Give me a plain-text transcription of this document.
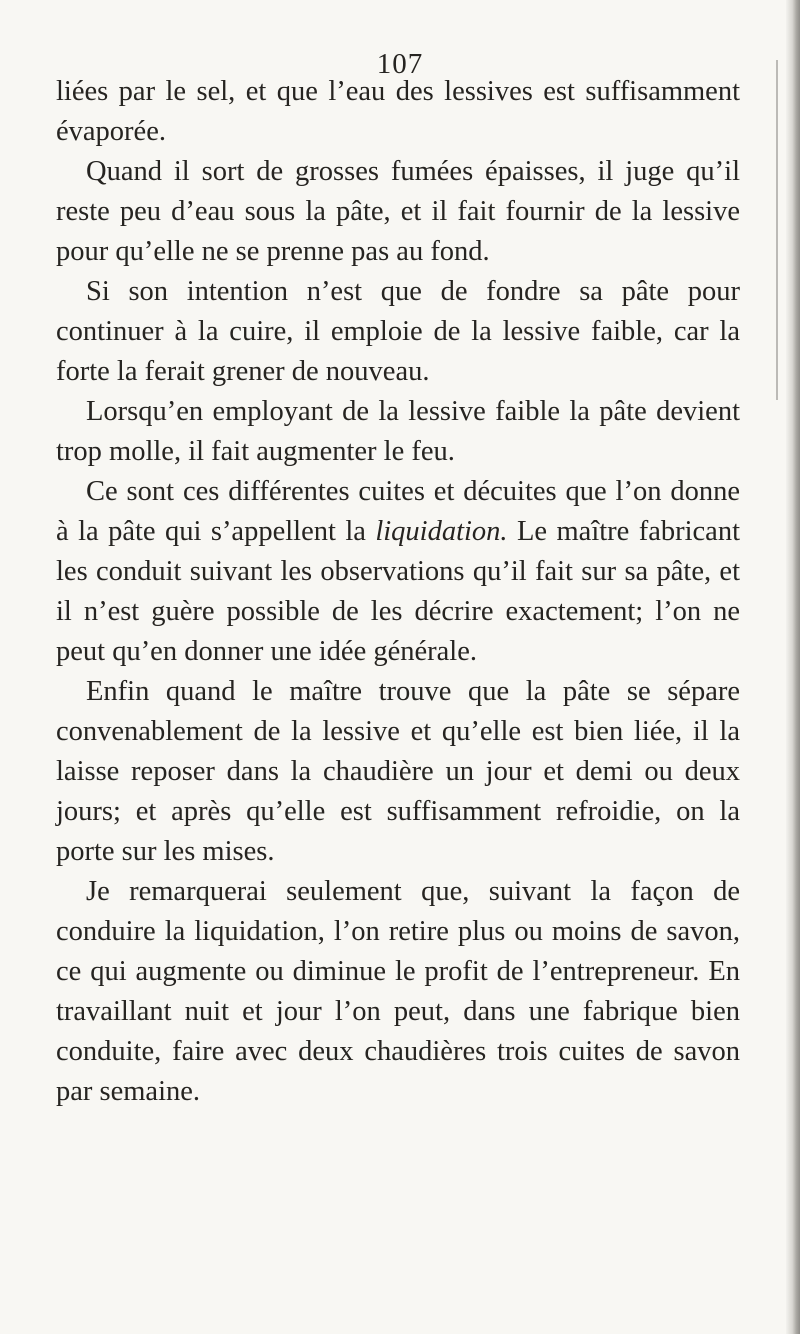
107

liées par le sel, et que l’eau des lessives est suffisamment évaporée.

Quand il sort de grosses fumées épaisses, il juge qu’il reste peu d’eau sous la pâte, et il fait fournir de la lessive pour qu’elle ne se prenne pas au fond.

Si son intention n’est que de fondre sa pâte pour continuer à la cuire, il emploie de la lessive faible, car la forte la ferait grener de nouveau.

Lorsqu’en employant de la lessive faible la pâte devient trop molle, il fait augmenter le feu.

Ce sont ces différentes cuites et décuites que l’on donne à la pâte qui s’appellent la liquidation. Le maître fabricant les conduit suivant les observations qu’il fait sur sa pâte, et il n’est guère possible de les décrire exactement; l’on ne peut qu’en donner une idée générale.

Enfin quand le maître trouve que la pâte se sépare convenablement de la lessive et qu’elle est bien liée, il la laisse reposer dans la chaudière un jour et demi ou deux jours; et après qu’elle est suffisamment refroidie, on la porte sur les mises.

Je remarquerai seulement que, suivant la façon de conduire la liquidation, l’on retire plus ou moins de savon, ce qui augmente ou diminue le profit de l’entrepreneur. En travaillant nuit et jour l’on peut, dans une fabrique bien conduite, faire avec deux chaudières trois cuites de savon par semaine.
